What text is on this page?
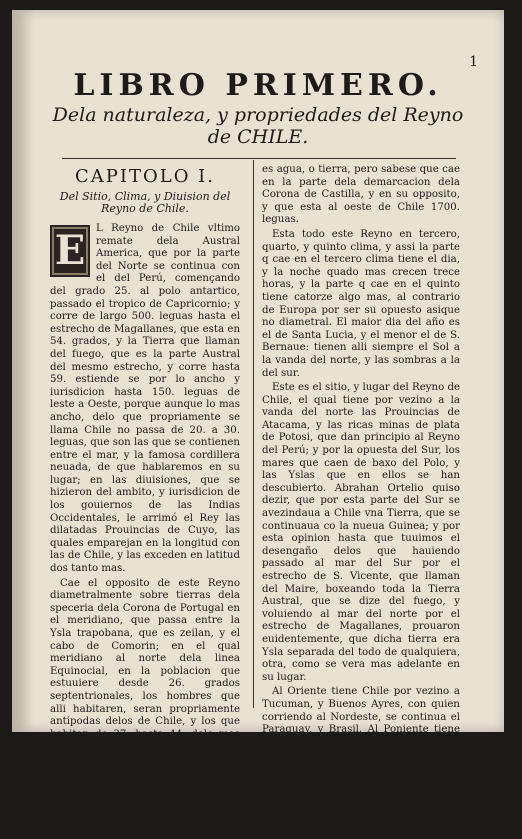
1
LIBRO PRIMERO.
Dela naturaleza, y propriedades del Reyno de CHILE.
CAPITOLO I.
Del Sitio, Clima, y Diuision del Reyno de Chile.
E	L Reyno de Chile vltimo remate dela Austral America, que por la parte del Norte se continua con el del Perú, començando del grado 25. al polo antartico, passado el tropico de Capricornio; y corre de largo 500. leguas hasta el estrecho de Magallanes, que esta en 54. grados, y la Tierra que llaman del fuego, que es la parte Austral del mesmo estrecho, y corre hasta 59. estiende se por lo ancho y iurisdicion hasta 150. leguas de leste a Oeste, porque aunque lo mas ancho, delo que propriamente se llama Chile no passa de 20. a 30. leguas, que son las que se contienen entre el mar, y la famosa cordillera neuada, de que hablaremos en su lugar; en las diuisiones, que se hizieron del ambito, y iurisdicion de los gouiernos de las Indias Occidentales, le arrimó el Rey las dilatadas Prouincias de Cuyo, las quales emparejan en la longitud con las de Chile, y las exceden en latitud dos tanto mas.

Cae el opposito de este Reyno diametralmente sobre tierras dela speceria dela Corona de Portugal en el meridiano, que passa entre la Ysla trapobana, que es zeilan, y el cabo de Comorin; en el qual meridiano al norte dela linea Equinocial, en la poblacion que estuuiere desde 26. grados septentrionales, los hombres que alli habitaren, seran propriamente antipodas delos de Chile, y los que habitan de 37. hasta 44. delo mas Occidental dela nueua guinea, echaran assi mismo diametralmente, con los que viuen en Castilla; mas como aun no esta descubierto, no se sabe si

es agua, o tierra, pero sabese que cae en la parte dela demarcacion dela Corona de Castilla, y en su opposito, y que esta al oeste de Chile 1700. leguas.

Esta todo este Reyno en tercero, quarto, y quinto clima, y assi la parte q cae en el tercero clima tiene el dia, y la noche quado mas crecen trece horas, y la parte q cae en el quinto tiene catorze algo mas, al contrario de Europa por ser su opuesto asique no diametral. El maior dia del año es el de Santa Lucia, y el menor el de S. Bernaue: tienen alli siempre el Sol a la vanda del norte, y las sombras a la del sur.

Este es el sitio, y lugar del Reyno de Chile, el qual tiene por vezino a la vanda del norte las Prouincias de Atacama, y las ricas minas de plata de Potosi, que dan principio al Reyno del Perú; y por la opuesta del Sur, los mares que caen de baxo del Polo, y las Yslas que en ellos se han descubierto. Abrahan Ortelio quiso dezir, que por esta parte del Sur se avezindaua a Chile vna Tierra, que se continuaua co la nueua Guinea; y por esta opinion hasta que tuuimos el desengaño delos que hauiendo passado al mar del Sur por el estrecho de S. Vicente, que llaman del Maire, boxeando toda la Tierra Austral, que se dize del fuego, y voluiendo al mar del norte por el estrecho de Magallanes, prouaron euidentemente, que dicha tierra era Ysla separada del todo de qualquiera, otra, como se vera mas adelante en su lugar.

Al Oriente tiene Chile por vezino a Tucuman, y Buenos Ayres, con quien corriendo al Nordeste, se continua el Paraguay, y Brasil. Al Poniente tiene al mar del Sur, que segun Antonio de Herrera en la historia general delas Indias es todo lo que se incluye entre sus costas, y las del Reyno de la China. El qual mar comiença en la Tierra, que llaman Austral Quersoneso, que se dize la Isla de Samara,
